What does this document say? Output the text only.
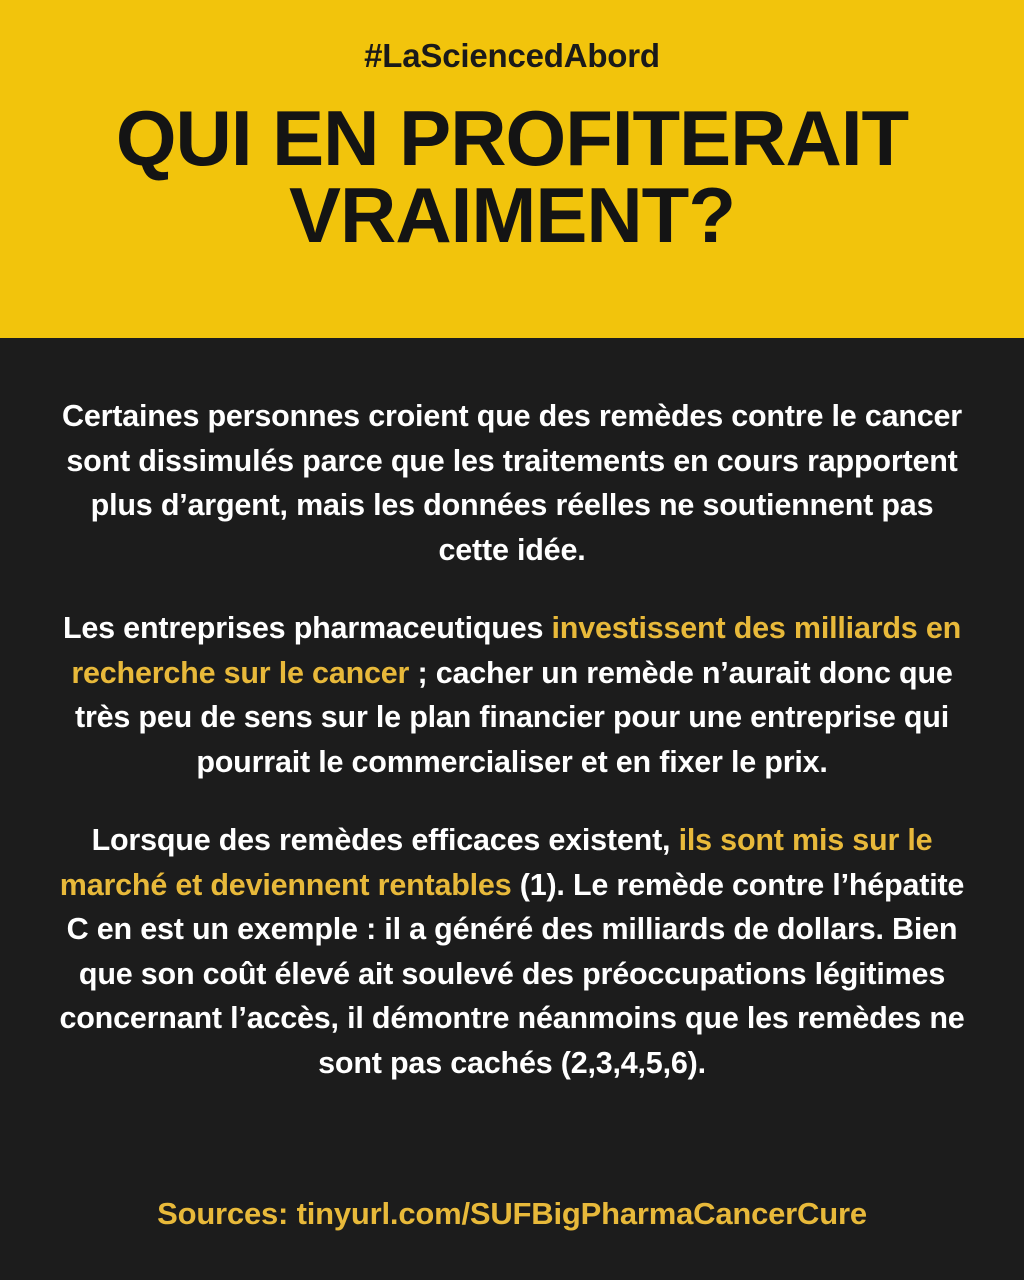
#LaSciencedAbord
QUI EN PROFITERAIT VRAIMENT?

Certaines personnes croient que des remèdes contre le cancer sont dissimulés parce que les traitements en cours rapportent plus d’argent, mais les données réelles ne soutiennent pas cette idée.

Les entreprises pharmaceutiques investissent des milliards en recherche sur le cancer ; cacher un remède n’aurait donc que très peu de sens sur le plan financier pour une entreprise qui pourrait le commercialiser et en fixer le prix.

Lorsque des remèdes efficaces existent, ils sont mis sur le marché et deviennent rentables (1). Le remède contre l’hépatite C en est un exemple : il a généré des milliards de dollars. Bien que son coût élevé ait soulevé des préoccupations légitimes concernant l’accès, il démontre néanmoins que les remèdes ne sont pas cachés (2,3,4,5,6).

Sources: tinyurl.com/SUFBigPharmaCancerCure
